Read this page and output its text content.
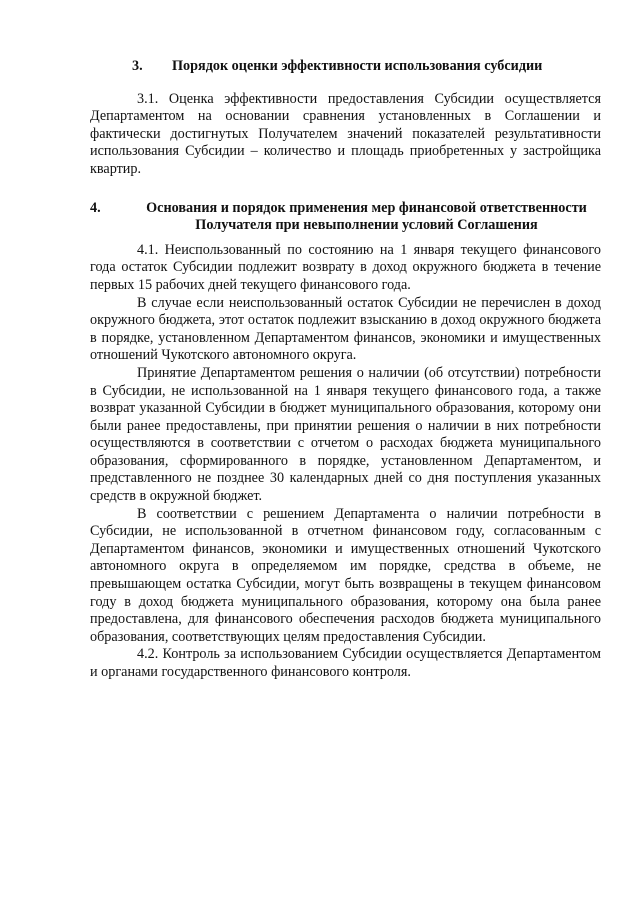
3.	Порядок оценки эффективности использования субсидии

3.1. Оценка эффективности предоставления Субсидии осуществляется Департаментом на основании сравнения установленных в Соглашении и фактически достигнутых Получателем значений показателей результативности использования Субсидии – количество и площадь приобретенных у застройщика квартир.

4.	Основания и порядок применения мер финансовой ответственности Получателя при невыполнении условий Соглашения

4.1. Неиспользованный по состоянию на 1 января текущего финансового года остаток Субсидии подлежит возврату в доход окружного бюджета в течение первых 15 рабочих дней текущего финансового года.

В случае если неиспользованный остаток Субсидии не перечислен в доход окружного бюджета, этот остаток подлежит взысканию в доход окружного бюджета в порядке, установленном Департаментом финансов, экономики и имущественных отношений Чукотского автономного округа.

Принятие Департаментом решения о наличии (об отсутствии) потребности в Субсидии, не использованной на 1 января текущего финансового года, а также возврат указанной Субсидии в бюджет муниципального образования, которому они были ранее предоставлены, при принятии решения о наличии в них потребности осуществляются в соответствии с отчетом о расходах бюджета муниципального образования, сформированного в порядке, установленном Департаментом, и представленного не позднее 30 календарных дней со дня поступления указанных средств в окружной бюджет.

В соответствии с решением Департамента о наличии потребности в Субсидии, не использованной в отчетном финансовом году, согласованным с Департаментом финансов, экономики и имущественных отношений Чукотского автономного округа в определяемом им порядке, средства в объеме, не превышающем остатка Субсидии, могут быть возвращены в текущем финансовом году в доход бюджета муниципального образования, которому она была ранее предоставлена, для финансового обеспечения расходов бюджета муниципального образования, соответствующих целям предоставления Субсидии.

4.2. Контроль за использованием Субсидии осуществляется Департаментом и органами государственного финансового контроля.
